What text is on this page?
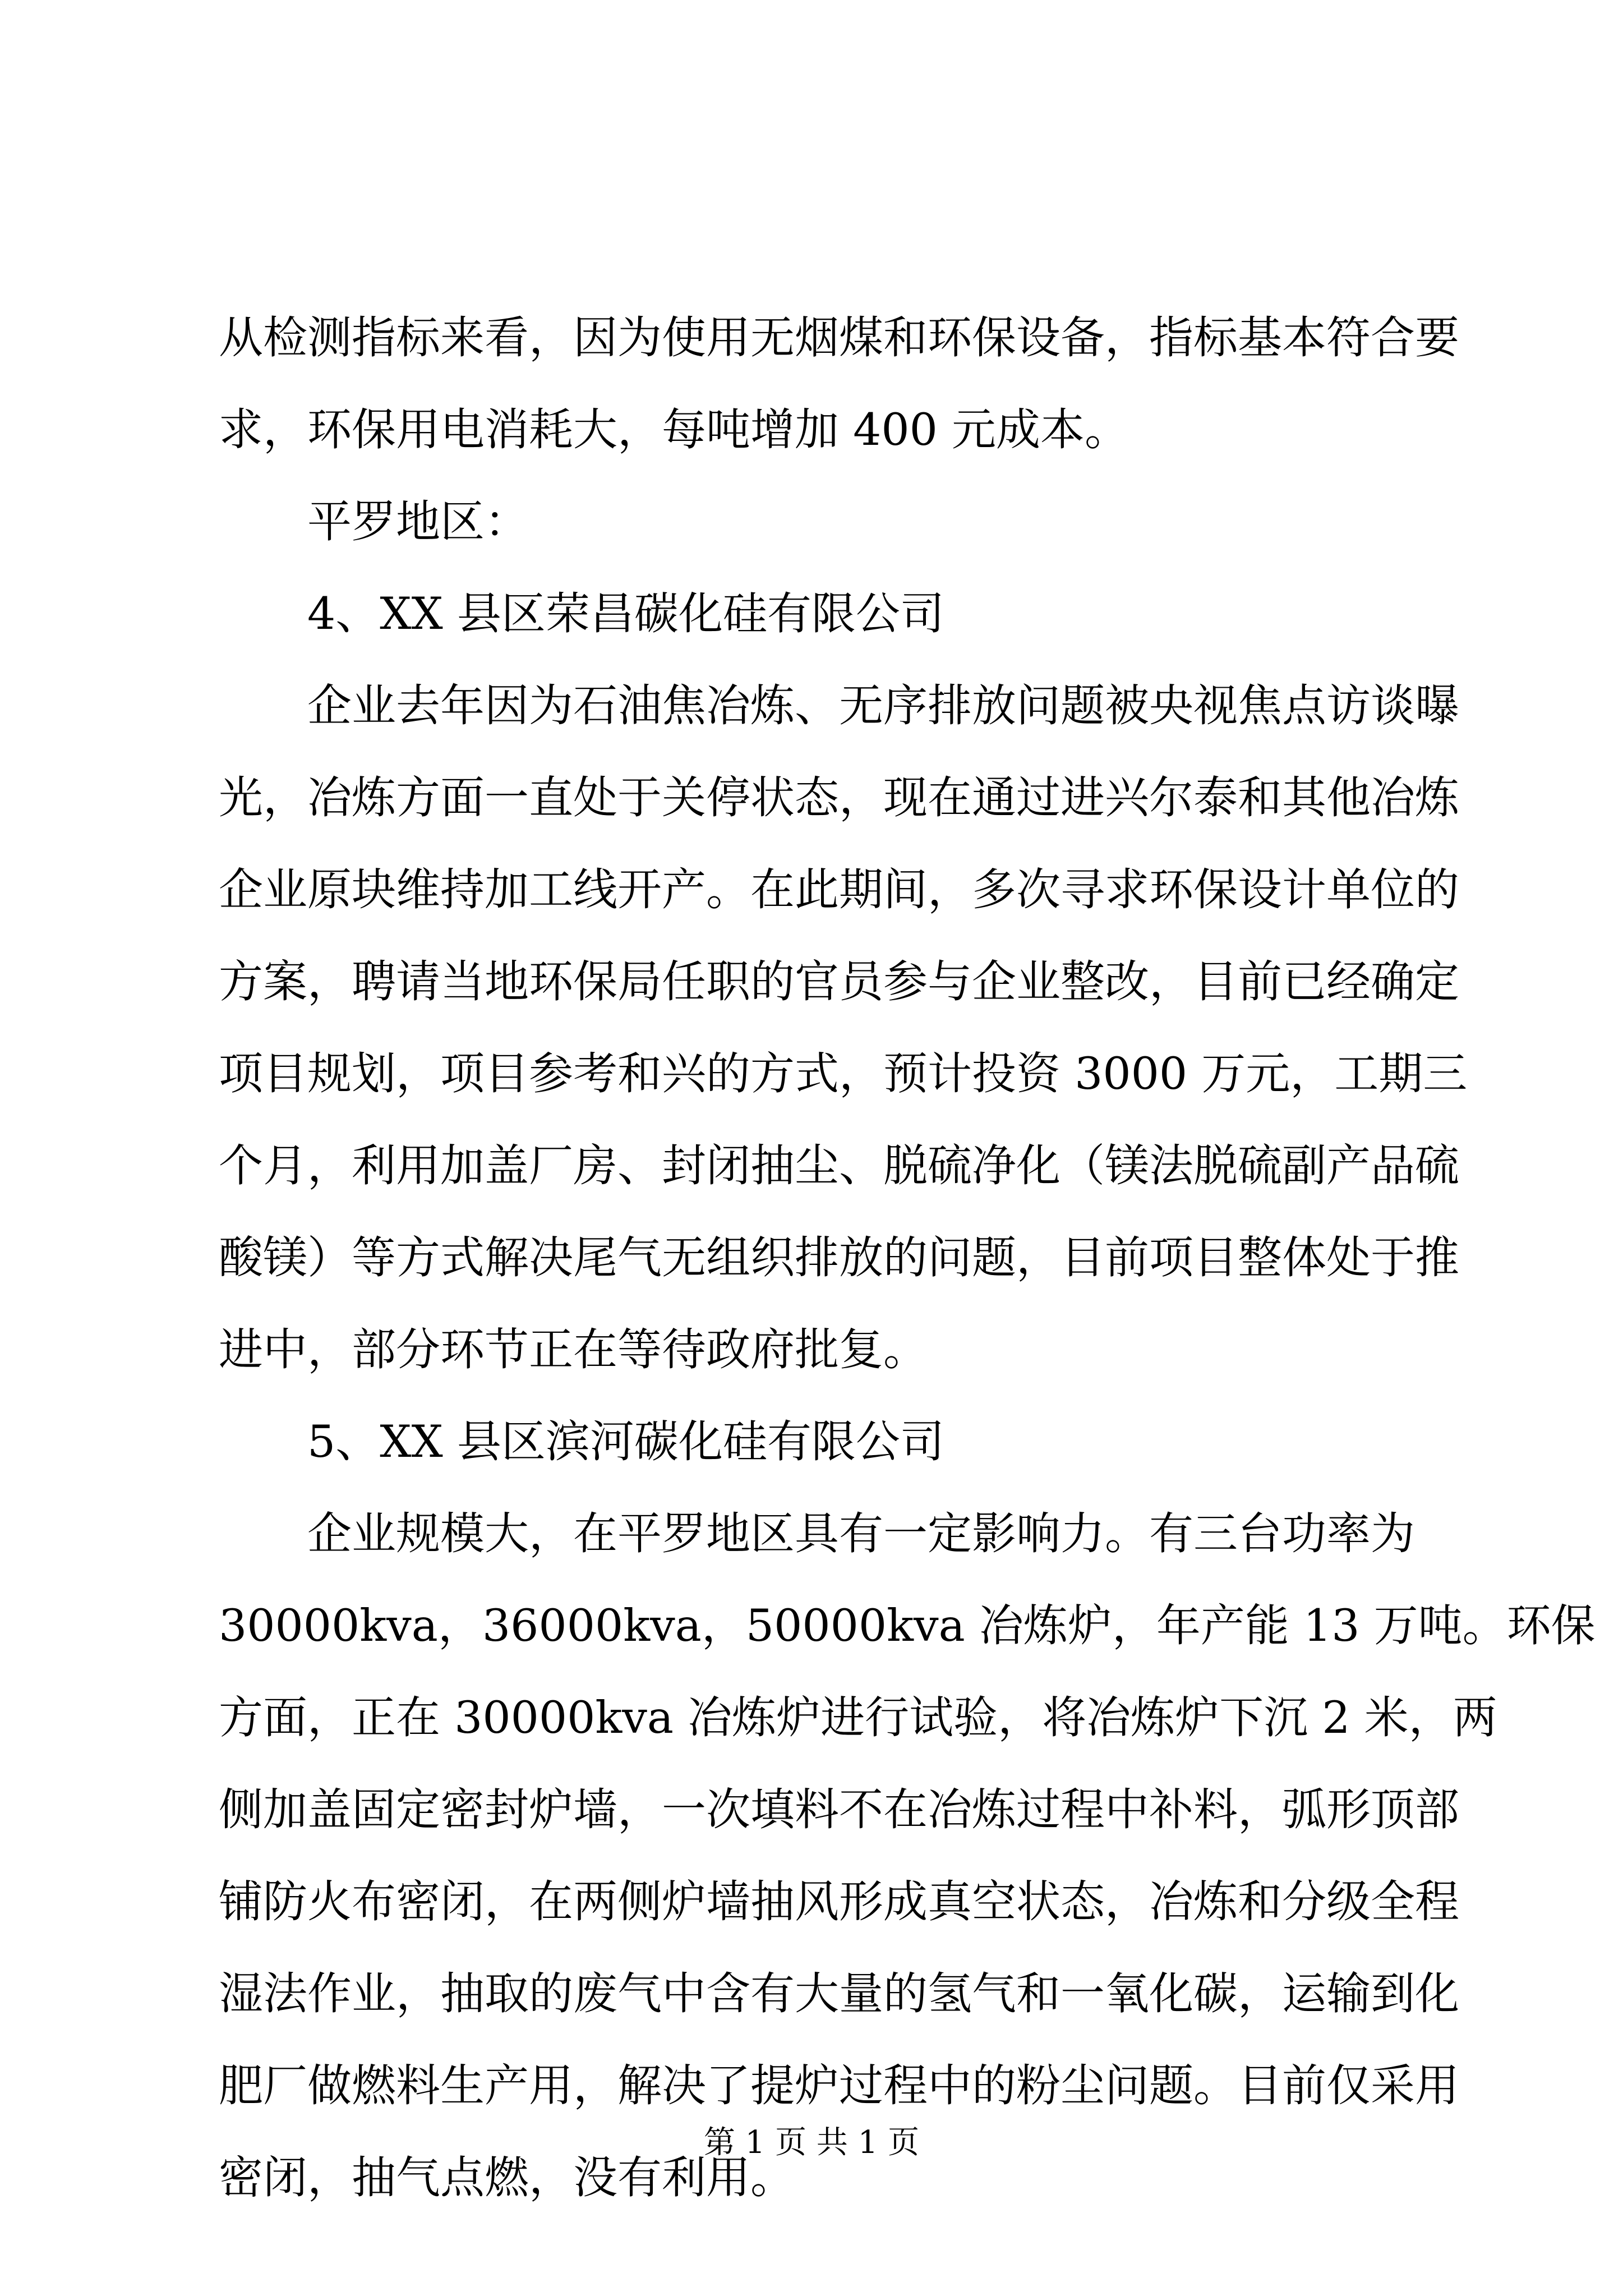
从检测指标来看，因为使用无烟煤和环保设备，指标基本符合要
求，环保用电消耗大，每吨增加 400 元成本。
平罗地区：
4、XX 县区荣昌碳化硅有限公司
企业去年因为石油焦冶炼、无序排放问题被央视焦点访谈曝
光，冶炼方面一直处于关停状态，现在通过进兴尔泰和其他冶炼
企业原块维持加工线开产。在此期间，多次寻求环保设计单位的
方案，聘请当地环保局任职的官员参与企业整改，目前已经确定
项目规划，项目参考和兴的方式，预计投资 3000 万元，工期三
个月，利用加盖厂房、封闭抽尘、脱硫净化（镁法脱硫副产品硫
酸镁）等方式解决尾气无组织排放的问题，目前项目整体处于推
进中，部分环节正在等待政府批复。
5、XX 县区滨河碳化硅有限公司
企业规模大，在平罗地区具有一定影响力。有三台功率为
30000kva，36000kva，50000kva 冶炼炉，年产能 13 万吨。环保
方面，正在 30000kva 冶炼炉进行试验，将冶炼炉下沉 2 米，两
侧加盖固定密封炉墙，一次填料不在冶炼过程中补料，弧形顶部
铺防火布密闭，在两侧炉墙抽风形成真空状态，冶炼和分级全程
湿法作业，抽取的废气中含有大量的氢气和一氧化碳，运输到化
肥厂做燃料生产用，解决了提炉过程中的粉尘问题。目前仅采用
密闭，抽气点燃，没有利用。
第 1 页 共 1 页
